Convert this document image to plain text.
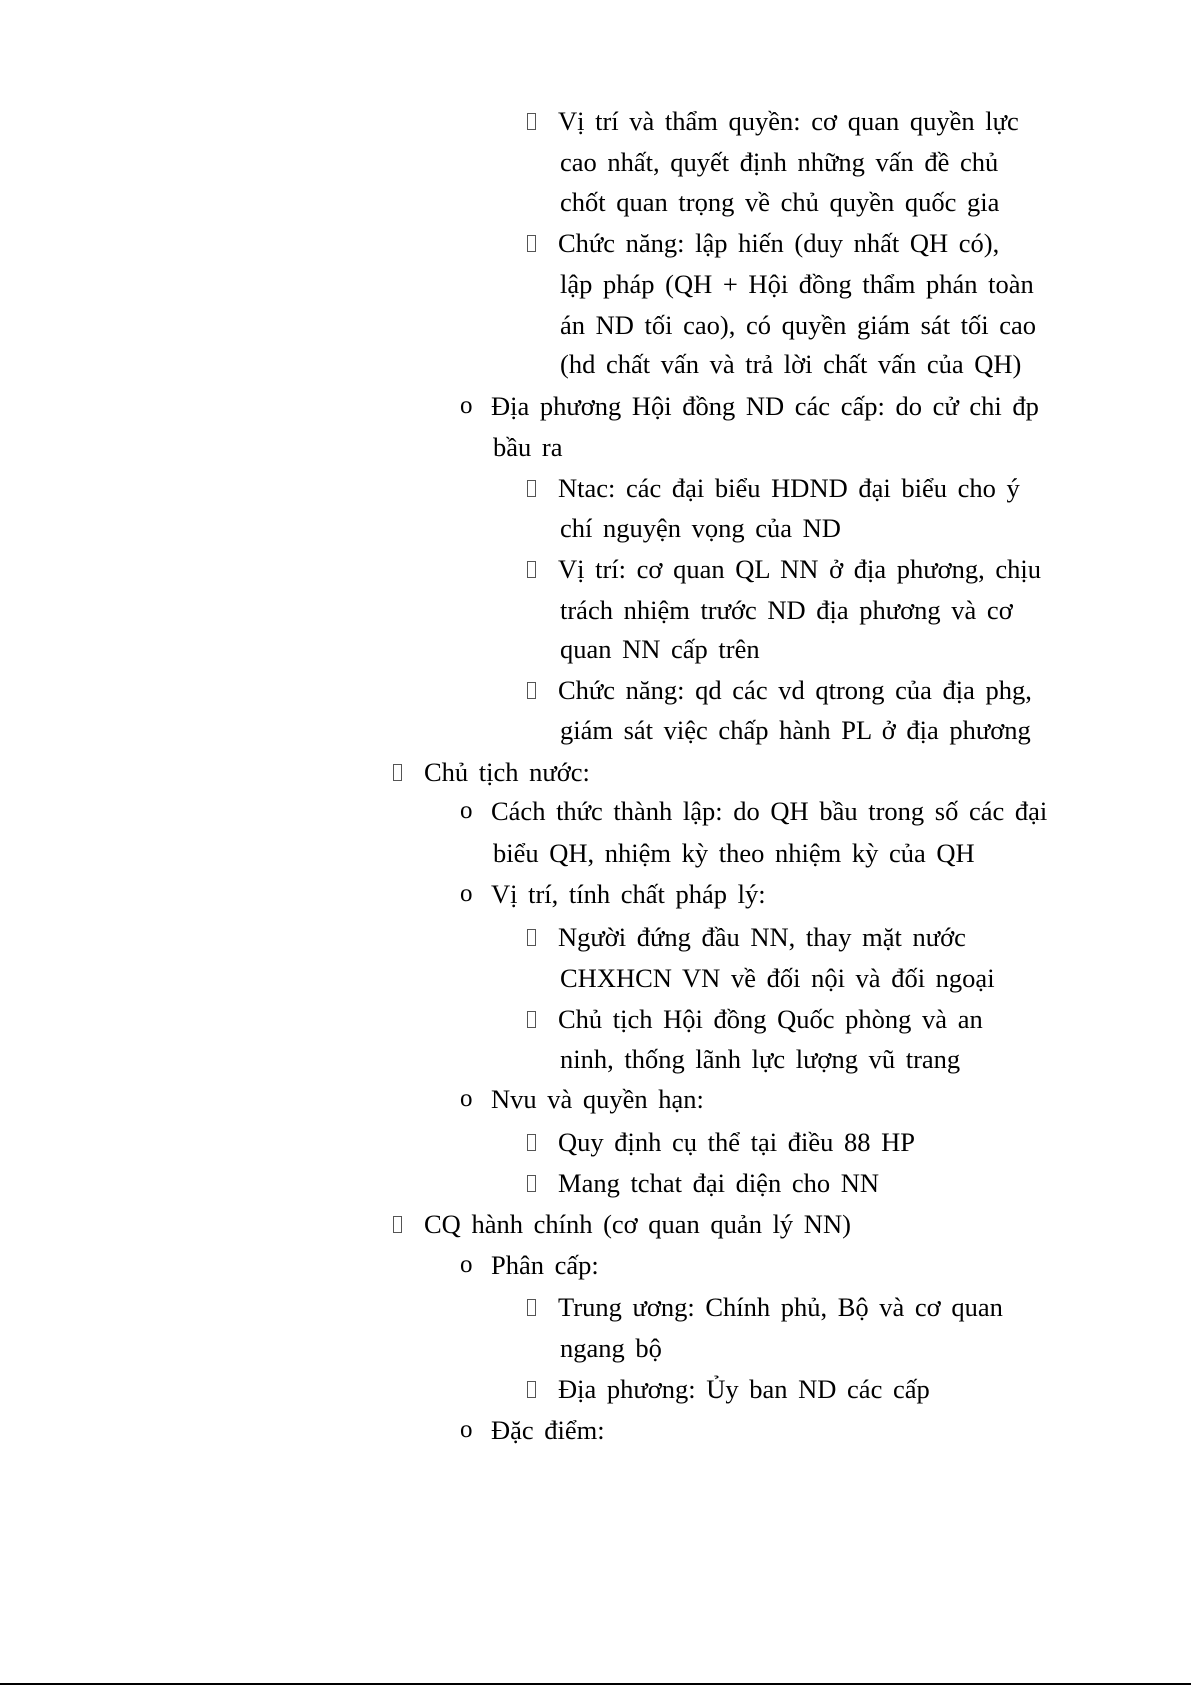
Vị trí và thẩm quyền: cơ quan quyền lực
cao nhất, quyết định những vấn đề chủ
chốt quan trọng về chủ quyền quốc gia
Chức năng: lập hiến (duy nhất QH có),
lập pháp (QH + Hội đồng thẩm phán toàn
án ND tối cao), có quyền giám sát tối cao
(hd chất vấn và trả lời chất vấn của QH)
o Địa phương Hội đồng ND các cấp: do cử chi đp
bầu ra
Ntac: các đại biểu HDND đại biểu cho ý
chí nguyện vọng của ND
Vị trí: cơ quan QL NN ở địa phương, chịu
trách nhiệm trước ND địa phương và cơ
quan NN cấp trên
Chức năng: qd các vd qtrong của địa phg,
giám sát việc chấp hành PL ở địa phương
Chủ tịch nước:
o Cách thức thành lập: do QH bầu trong số các đại
biểu QH, nhiệm kỳ theo nhiệm kỳ của QH
o Vị trí, tính chất pháp lý:
Người đứng đầu NN, thay mặt nước
CHXHCN VN về đối nội và đối ngoại
Chủ tịch Hội đồng Quốc phòng và an
ninh, thống lãnh lực lượng vũ trang
o Nvu và quyền hạn:
Quy định cụ thể tại điều 88 HP
Mang tchat đại diện cho NN
CQ hành chính (cơ quan quản lý NN)
o Phân cấp:
Trung ương: Chính phủ, Bộ và cơ quan
ngang bộ
Địa phương: Ủy ban ND các cấp
o Đặc điểm:
